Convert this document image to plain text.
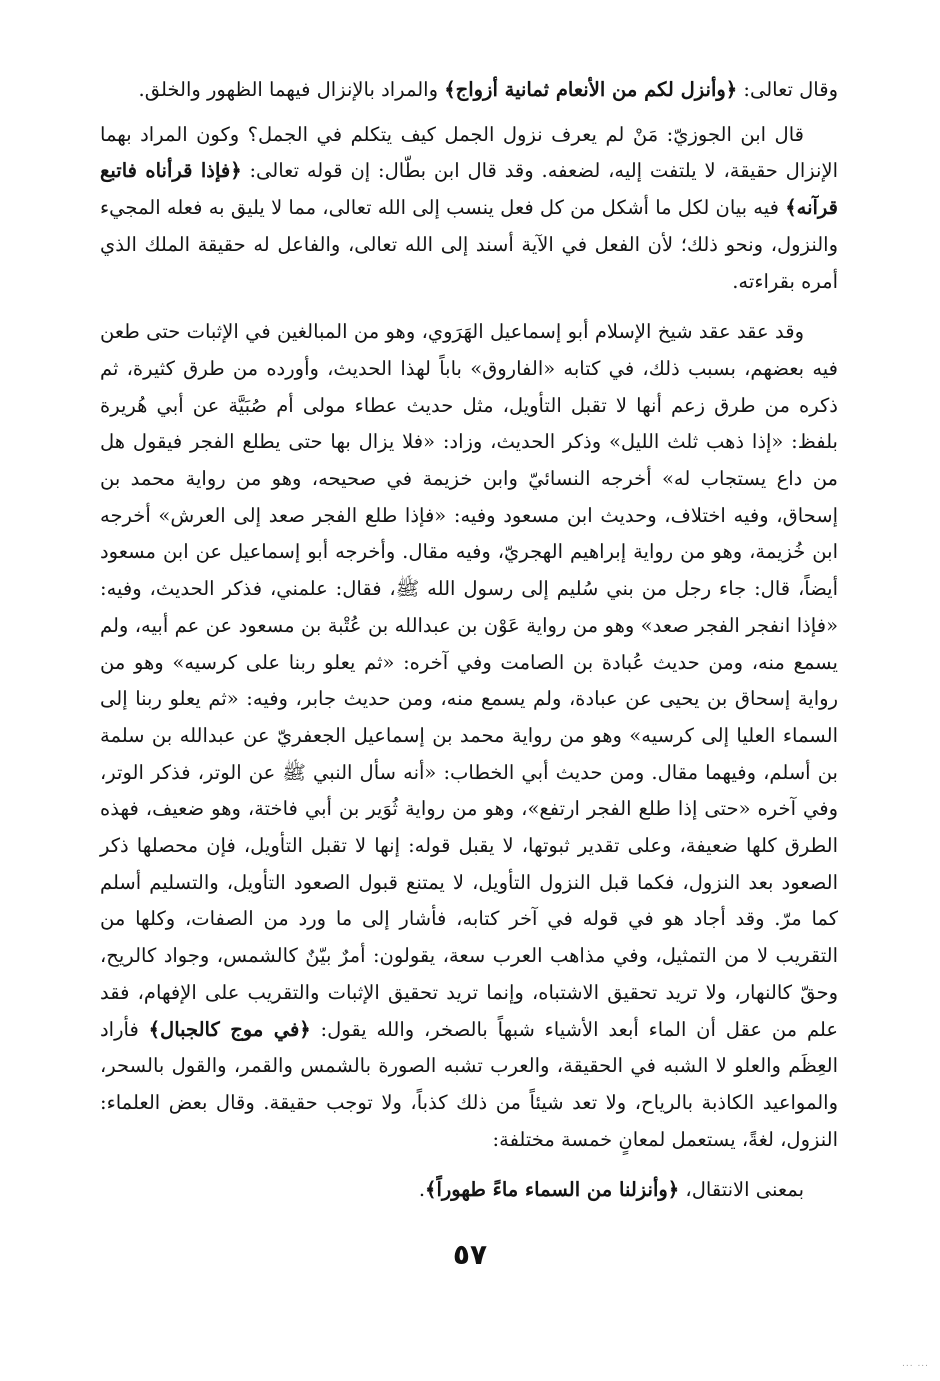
وقال تعالى: ﴿وأنزل لكم من الأنعام ثمانية أزواج﴾ والمراد بالإنزال فيهما الظهور والخلق.

قال ابن الجوزيّ: مَنْ لم يعرف نزول الجمل كيف يتكلم في الجمل؟ وكون المراد بهما الإنزال حقيقة، لا يلتفت إليه، لضعفه. وقد قال ابن بطّال: إن قوله تعالى: ﴿فإذا قرأناه فاتبع قرآنه﴾ فيه بيان لكل ما أشكل من كل فعل ينسب إلى الله تعالى، مما لا يليق به فعله المجيء والنزول، ونحو ذلك؛ لأن الفعل في الآية أسند إلى الله تعالى، والفاعل له حقيقة الملك الذي أمره بقراءته.

وقد عقد عقد شيخ الإسلام أبو إسماعيل الهَرَوي، وهو من المبالغين في الإثبات حتى طعن فيه بعضهم، بسبب ذلك، في كتابه «الفاروق» باباً لهذا الحديث، وأورده من طرق كثيرة، ثم ذكره من طرق زعم أنها لا تقبل التأويل، مثل حديث عطاء مولى أم صُبَيَّة عن أبي هُريرة بلفظ: «إذا ذهب ثلث الليل» وذكر الحديث، وزاد: «فلا يزال بها حتى يطلع الفجر فيقول هل من داع يستجاب له» أخرجه النسائيّ وابن خزيمة في صحيحه، وهو من رواية محمد بن إسحاق، وفيه اختلاف، وحديث ابن مسعود وفيه: «فإذا طلع الفجر صعد إلى العرش» أخرجه ابن خُزيمة، وهو من رواية إبراهيم الهجريّ، وفيه مقال. وأخرجه أبو إسماعيل عن ابن مسعود أيضاً، قال: جاء رجل من بني سُليم إلى رسول الله ﷺ، فقال: علمني، فذكر الحديث، وفيه: «فإذا انفجر الفجر صعد» وهو من رواية عَوْن بن عبدالله بن عُتْبة بن مسعود عن عم أبيه، ولم يسمع منه، ومن حديث عُبادة بن الصامت وفي آخره: «ثم يعلو ربنا على كرسيه» وهو من رواية إسحاق بن يحيى عن عبادة، ولم يسمع منه، ومن حديث جابر، وفيه: «ثم يعلو ربنا إلى السماء العليا إلى كرسيه» وهو من رواية محمد بن إسماعيل الجعفريّ عن عبدالله بن سلمة بن أسلم، وفيهما مقال. ومن حديث أبي الخطاب: «أنه سأل النبي ﷺ عن الوتر، فذكر الوتر، وفي آخره «حتى إذا طلع الفجر ارتفع»، وهو من رواية ثُوَير بن أبي فاختة، وهو ضعيف، فهذه الطرق كلها ضعيفة، وعلى تقدير ثبوتها، لا يقبل قوله: إنها لا تقبل التأويل، فإن محصلها ذكر الصعود بعد النزول، فكما قبل النزول التأويل، لا يمتنع قبول الصعود التأويل، والتسليم أسلم كما مرّ. وقد أجاد هو في قوله في آخر كتابه، فأشار إلى ما ورد من الصفات، وكلها من التقريب لا من التمثيل، وفي مذاهب العرب سعة، يقولون: أمرٌ بيّنٌ كالشمس، وجواد كالريح، وحقّ كالنهار، ولا تريد تحقيق الاشتباه، وإنما تريد تحقيق الإثبات والتقريب على الإفهام، فقد علم من عقل أن الماء أبعد الأشياء شبهاً بالصخر، والله يقول: ﴿في موج كالجبال﴾ فأراد العِظَم والعلو لا الشبه في الحقيقة، والعرب تشبه الصورة بالشمس والقمر، والقول بالسحر، والمواعيد الكاذبة بالرياح، ولا تعد شيئاً من ذلك كذباً، ولا توجب حقيقة. وقال بعض العلماء: النزول، لغةً، يستعمل لمعانٍ خمسة مختلفة:

بمعنى الانتقال، ﴿وأنزلنا من السماء ماءً طهوراً﴾.

٥٧
... ...
